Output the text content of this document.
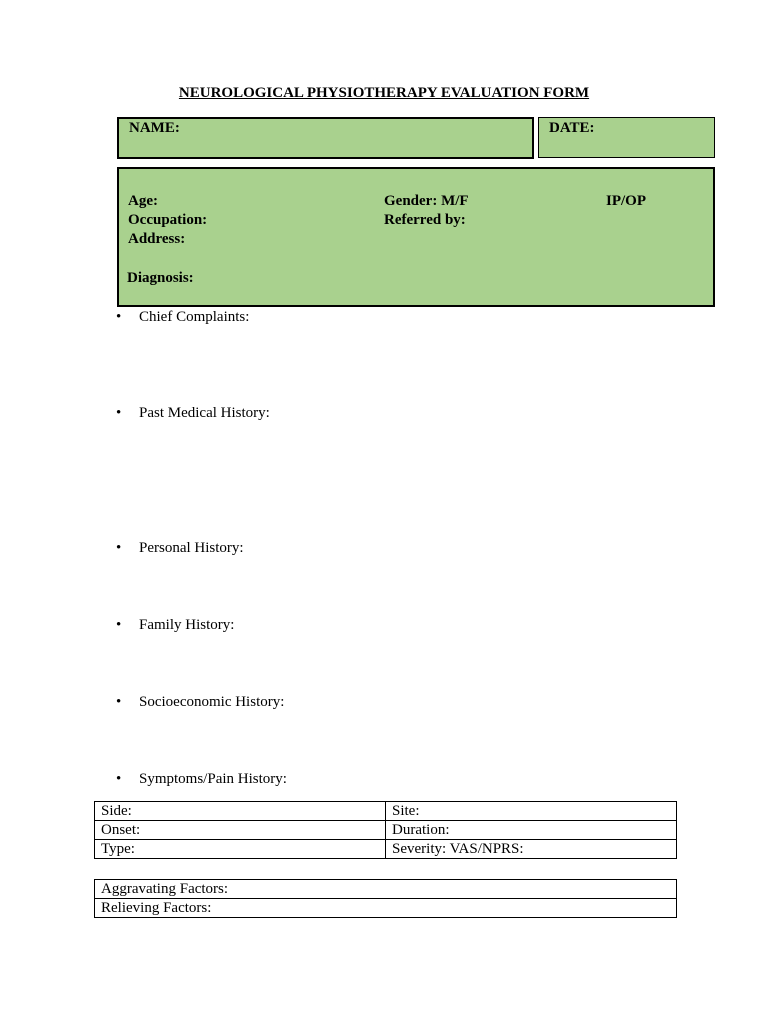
NEUROLOGICAL PHYSIOTHERAPY EVALUATION FORM
NAME:	DATE:
Age:	Gender: M/F	IP/OP
Occupation:	Referred by:
Address:
Diagnosis:
• Chief Complaints:
• Past Medical History:
• Personal History:
• Family History:
• Socioeconomic History:
• Symptoms/Pain History:
Side:	Site:
Onset:	Duration:
Type:	Severity: VAS/NPRS:
Aggravating Factors:
Relieving Factors:
